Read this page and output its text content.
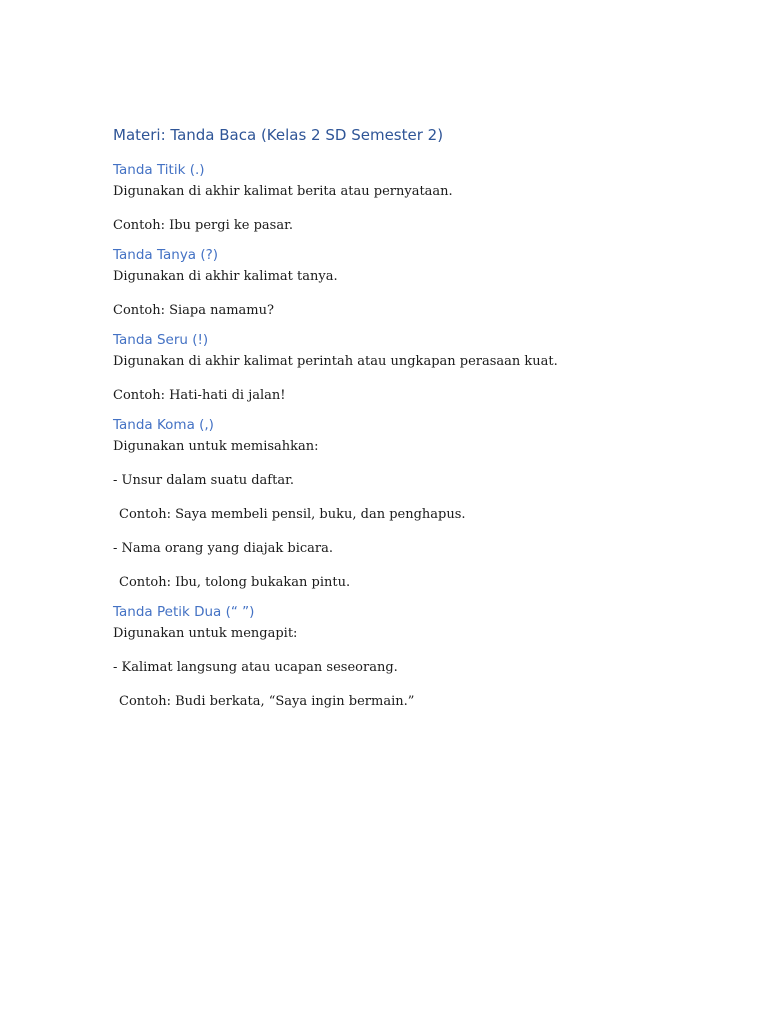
Materi: Tanda Baca (Kelas 2 SD Semester 2)
Tanda Titik (.)

Digunakan di akhir kalimat berita atau pernyataan.

Contoh: Ibu pergi ke pasar.

Tanda Tanya (?)

Digunakan di akhir kalimat tanya.

Contoh: Siapa namamu?

Tanda Seru (!)

Digunakan di akhir kalimat perintah atau ungkapan perasaan kuat.

Contoh: Hati-hati di jalan!

Tanda Koma (,)

Digunakan untuk memisahkan:

- Unsur dalam suatu daftar.

Contoh: Saya membeli pensil, buku, dan penghapus.

- Nama orang yang diajak bicara.

Contoh: Ibu, tolong bukakan pintu.

Tanda Petik Dua (“ ”)

Digunakan untuk mengapit:

- Kalimat langsung atau ucapan seseorang.

Contoh: Budi berkata, “Saya ingin bermain.”
